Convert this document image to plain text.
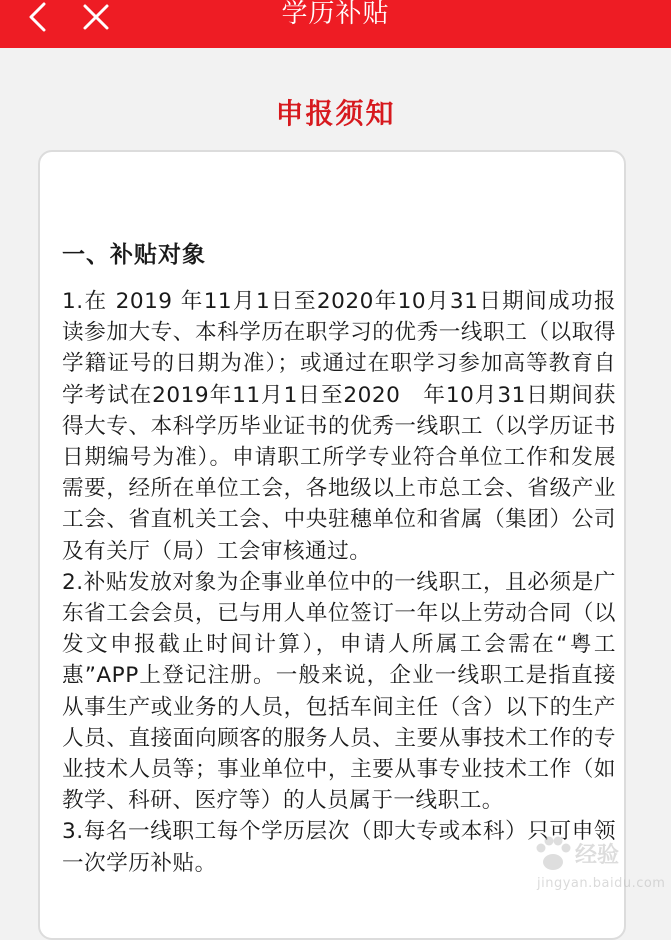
学历补贴
申报须知
一、补贴对象

1.在 2019 年11月1日至2020年10月31日期间成功报读参加大专、本科学历在职学习的优秀一线职工（以取得学籍证号的日期为准）；或通过在职学习参加高等教育自学考试在2019年11月1日至2020　年10月31日期间获得大专、本科学历毕业证书的优秀一线职工（以学历证书日期编号为准）。申请职工所学专业符合单位工作和发展需要，经所在单位工会，各地级以上市总工会、省级产业工会、省直机关工会、中央驻穗单位和省属（集团）公司及有关厅（局）工会审核通过。

2.补贴发放对象为企事业单位中的一线职工，且必须是广东省工会会员，已与用人单位签订一年以上劳动合同（以发文申报截止时间计算），申请人所属工会需在“粤工惠”APP上登记注册。一般来说，企业一线职工是指直接从事生产或业务的人员，包括车间主任（含）以下的生产人员、直接面向顾客的服务人员、主要从事技术工作的专业技术人员等；事业单位中，主要从事专业技术工作（如教学、科研、医疗等）的人员属于一线职工。

3.每名一线职工每个学历层次（即大专或本科）只可申领一次学历补贴。

经验
jingyan.baidu.com
